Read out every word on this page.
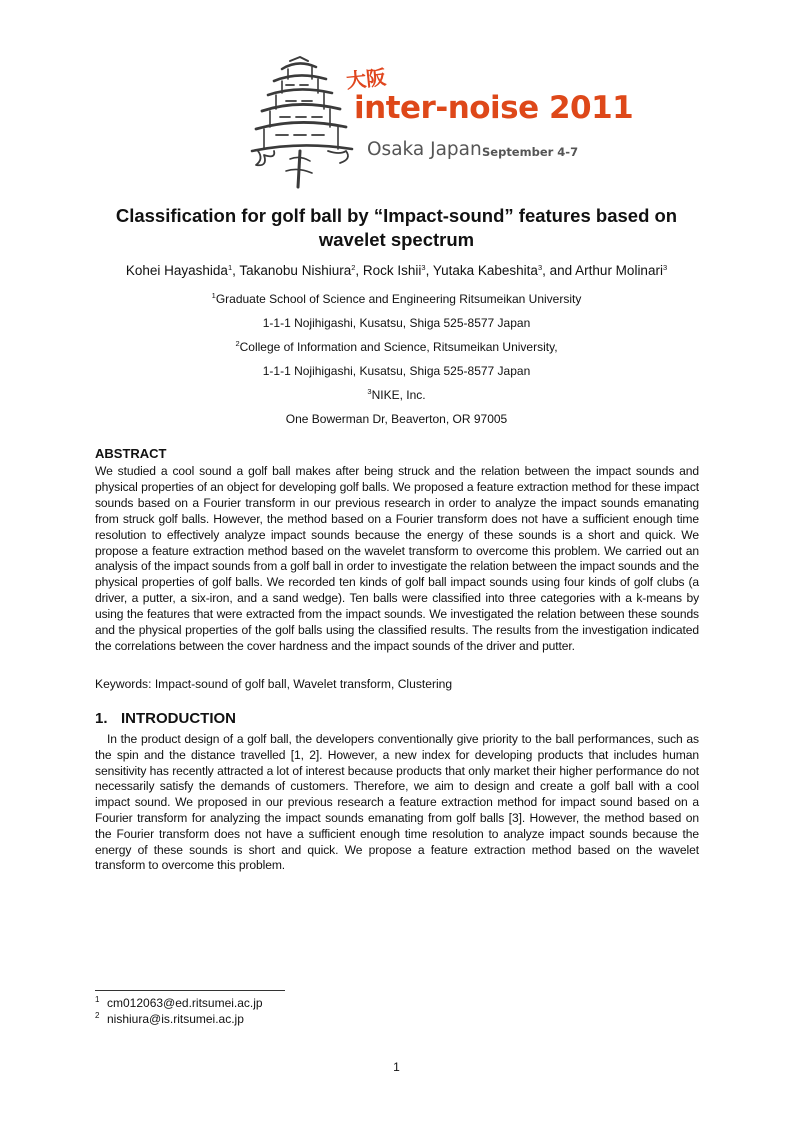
大阪
inter-noise 2011
Osaka Japan September 4-7
Classification for golf ball by “Impact-sound” features based on wavelet spectrum
Kohei Hayashida$^1$, Takanobu Nishiura$^2$, Rock Ishii$^3$, Yutaka Kabeshita$^3$, and Arthur Molinari$^3$
$^1$Graduate School of Science and Engineering Ritsumeikan University
1-1-1 Nojihigashi, Kusatsu, Shiga 525-8577 Japan
$^2$College of Information and Science, Ritsumeikan University,
1-1-1 Nojihigashi, Kusatsu, Shiga 525-8577 Japan
$^3$NIKE, Inc.
One Bowerman Dr, Beaverton, OR 97005
ABSTRACT

We studied a cool sound a golf ball makes after being struck and the relation between the impact sounds and physical properties of an object for developing golf balls. We proposed a feature extraction method for these impact sounds based on a Fourier transform in our previous research in order to analyze the impact sounds emanating from struck golf balls. However, the method based on a Fourier transform does not have a sufficient enough time resolution to effectively analyze impact sounds because the energy of these sounds is a short and quick. We propose a feature extraction method based on the wavelet transform to overcome this problem. We carried out an analysis of the impact sounds from a golf ball in order to investigate the relation between the impact sounds and the physical properties of golf balls. We recorded ten kinds of golf ball impact sounds using four kinds of golf clubs (a driver, a putter, a six-iron, and a sand wedge). Ten balls were classified into three categories with a k-means by using the features that were extracted from the impact sounds. We investigated the relation between these sounds and the physical properties of the golf balls using the classified results. The results from the investigation indicated the correlations between the cover hardness and the impact sounds of the driver and putter.

Keywords: Impact-sound of golf ball, Wavelet transform, Clustering

1. INTRODUCTION

In the product design of a golf ball, the developers conventionally give priority to the ball performances, such as the spin and the distance travelled [1, 2]. However, a new index for developing products that includes human sensitivity has recently attracted a lot of interest because products that only market their higher performance do not necessarily satisfy the demands of customers. Therefore, we aim to design and create a golf ball with a cool impact sound. We proposed in our previous research a feature extraction method for impact sound based on a Fourier transform for analyzing the impact sounds emanating from golf balls [3]. However, the method based on the Fourier transform does not have a sufficient enough time resolution to analyze impact sounds because the energy of these sounds is short and quick. We propose a feature extraction method based on the wavelet transform to overcome this problem.

1 cm012063@ed.ritsumei.ac.jp
2 nishiura@is.ritsumei.ac.jp
1
